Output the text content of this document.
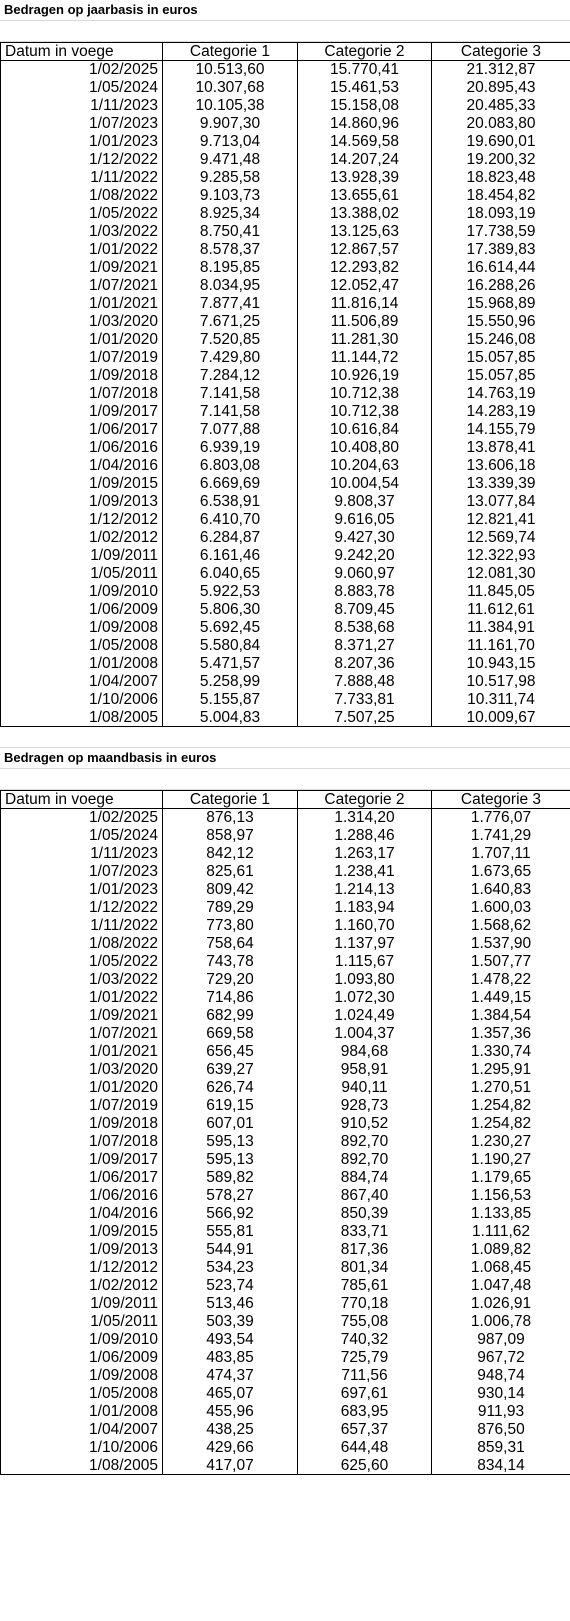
Bedragen op jaarbasis in euros
Datum in voege	Categorie 1	Categorie 2	Categorie 3
1/02/2025	10.513,60	15.770,41	21.312,87
1/05/2024	10.307,68	15.461,53	20.895,43
1/11/2023	10.105,38	15.158,08	20.485,33
1/07/2023	9.907,30	14.860,96	20.083,80
1/01/2023	9.713,04	14.569,58	19.690,01
1/12/2022	9.471,48	14.207,24	19.200,32
1/11/2022	9.285,58	13.928,39	18.823,48
1/08/2022	9.103,73	13.655,61	18.454,82
1/05/2022	8.925,34	13.388,02	18.093,19
1/03/2022	8.750,41	13.125,63	17.738,59
1/01/2022	8.578,37	12.867,57	17.389,83
1/09/2021	8.195,85	12.293,82	16.614,44
1/07/2021	8.034,95	12.052,47	16.288,26
1/01/2021	7.877,41	11.816,14	15.968,89
1/03/2020	7.671,25	11.506,89	15.550,96
1/01/2020	7.520,85	11.281,30	15.246,08
1/07/2019	7.429,80	11.144,72	15.057,85
1/09/2018	7.284,12	10.926,19	15.057,85
1/07/2018	7.141,58	10.712,38	14.763,19
1/09/2017	7.141,58	10.712,38	14.283,19
1/06/2017	7.077,88	10.616,84	14.155,79
1/06/2016	6.939,19	10.408,80	13.878,41
1/04/2016	6.803,08	10.204,63	13.606,18
1/09/2015	6.669,69	10.004,54	13.339,39
1/09/2013	6.538,91	9.808,37	13.077,84
1/12/2012	6.410,70	9.616,05	12.821,41
1/02/2012	6.284,87	9.427,30	12.569,74
1/09/2011	6.161,46	9.242,20	12.322,93
1/05/2011	6.040,65	9.060,97	12.081,30
1/09/2010	5.922,53	8.883,78	11.845,05
1/06/2009	5.806,30	8.709,45	11.612,61
1/09/2008	5.692,45	8.538,68	11.384,91
1/05/2008	5.580,84	8.371,27	11.161,70
1/01/2008	5.471,57	8.207,36	10.943,15
1/04/2007	5.258,99	7.888,48	10.517,98
1/10/2006	5.155,87	7.733,81	10.311,74
1/08/2005	5.004,83	7.507,25	10.009,67
Bedragen op maandbasis in euros
Datum in voege	Categorie 1	Categorie 2	Categorie 3
1/02/2025	876,13	1.314,20	1.776,07
1/05/2024	858,97	1.288,46	1.741,29
1/11/2023	842,12	1.263,17	1.707,11
1/07/2023	825,61	1.238,41	1.673,65
1/01/2023	809,42	1.214,13	1.640,83
1/12/2022	789,29	1.183,94	1.600,03
1/11/2022	773,80	1.160,70	1.568,62
1/08/2022	758,64	1.137,97	1.537,90
1/05/2022	743,78	1.115,67	1.507,77
1/03/2022	729,20	1.093,80	1.478,22
1/01/2022	714,86	1.072,30	1.449,15
1/09/2021	682,99	1.024,49	1.384,54
1/07/2021	669,58	1.004,37	1.357,36
1/01/2021	656,45	984,68	1.330,74
1/03/2020	639,27	958,91	1.295,91
1/01/2020	626,74	940,11	1.270,51
1/07/2019	619,15	928,73	1.254,82
1/09/2018	607,01	910,52	1.254,82
1/07/2018	595,13	892,70	1.230,27
1/09/2017	595,13	892,70	1.190,27
1/06/2017	589,82	884,74	1.179,65
1/06/2016	578,27	867,40	1.156,53
1/04/2016	566,92	850,39	1.133,85
1/09/2015	555,81	833,71	1.111,62
1/09/2013	544,91	817,36	1.089,82
1/12/2012	534,23	801,34	1.068,45
1/02/2012	523,74	785,61	1.047,48
1/09/2011	513,46	770,18	1.026,91
1/05/2011	503,39	755,08	1.006,78
1/09/2010	493,54	740,32	987,09
1/06/2009	483,85	725,79	967,72
1/09/2008	474,37	711,56	948,74
1/05/2008	465,07	697,61	930,14
1/01/2008	455,96	683,95	911,93
1/04/2007	438,25	657,37	876,50
1/10/2006	429,66	644,48	859,31
1/08/2005	417,07	625,60	834,14
